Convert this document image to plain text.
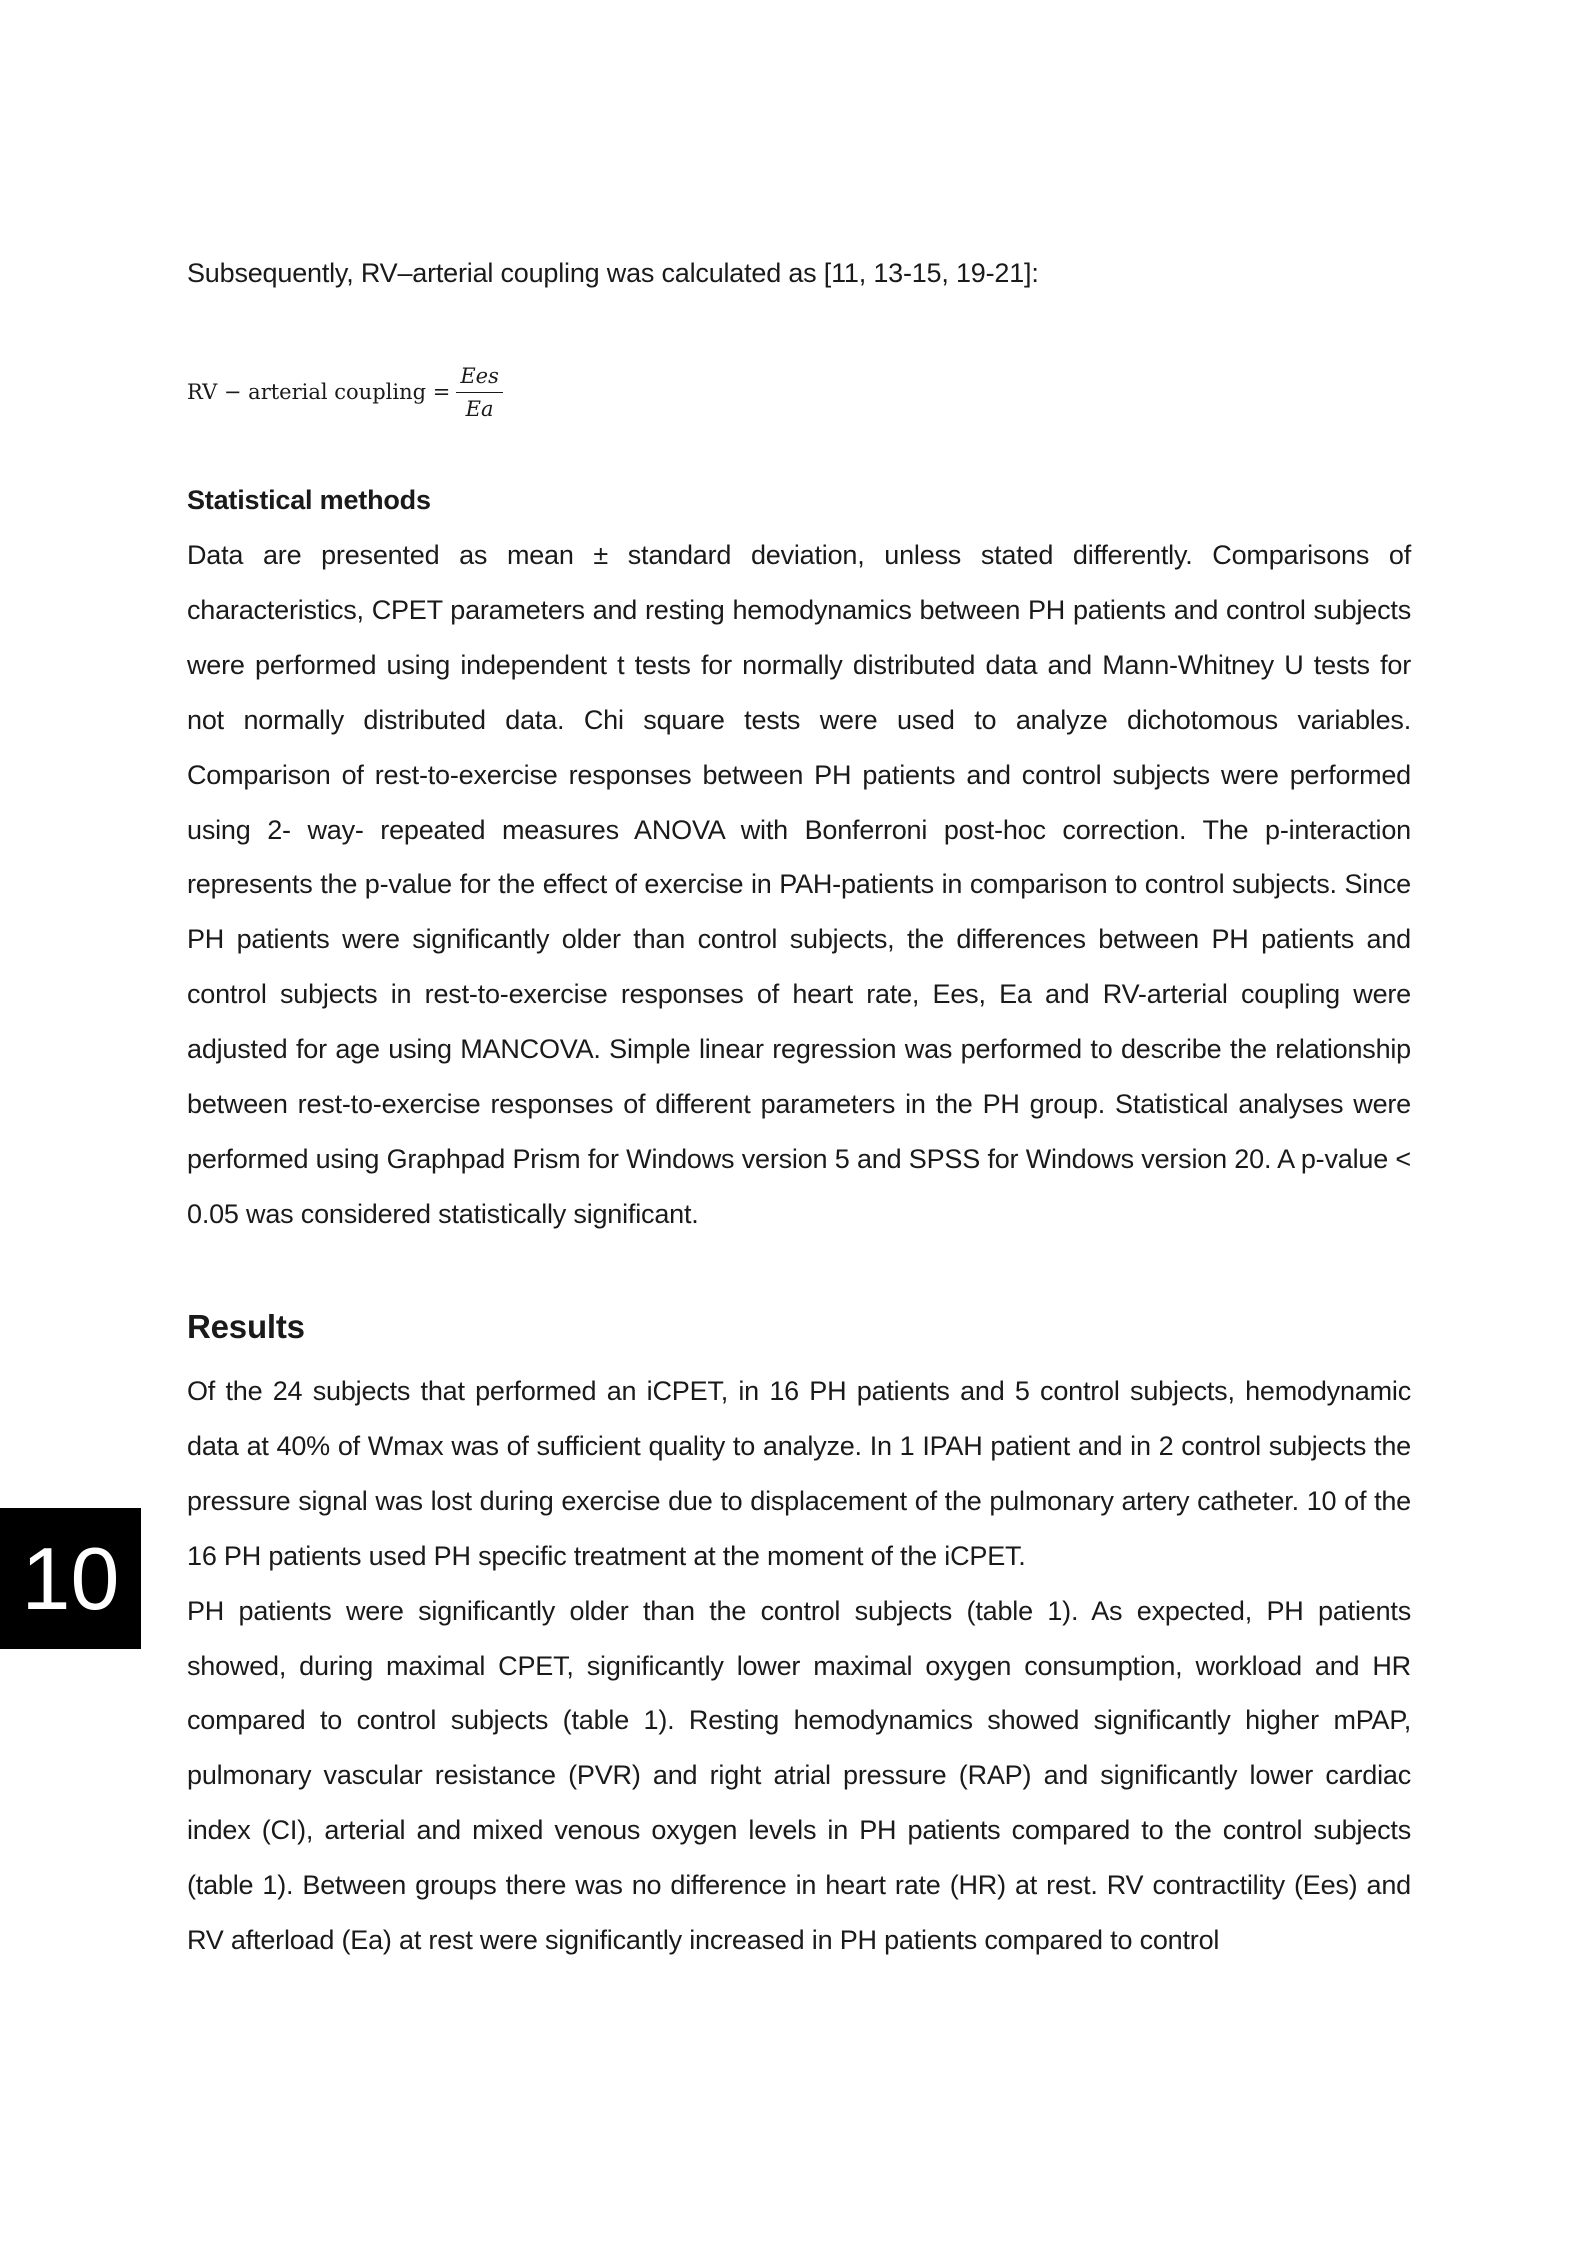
Subsequently, RV–arterial coupling was calculated as [11, 13-15, 19-21]:
RV − arterial coupling = $\frac{\text{Ees}}{Ea}$
Statistical methods
Data are presented as mean ± standard deviation, unless stated differently. Comparisons of characteristics, CPET parameters and resting hemodynamics between PH patients and control subjects were performed using independent t tests for normally distributed data and Mann-Whitney U tests for not normally distributed data. Chi square tests were used to analyze dichotomous variables. Comparison of rest-to-exercise responses between PH patients and control subjects were performed using 2- way- repeated measures ANOVA with Bonferroni post-hoc correction. The p-interaction represents the p-value for the effect of exercise in PAH-patients in comparison to control subjects. Since PH patients were significantly older than control subjects, the differences between PH patients and control subjects in rest-to-exercise responses of heart rate, Ees, Ea and RV-arterial coupling were adjusted for age using MANCOVA. Simple linear regression was performed to describe the relationship between rest-to-exercise responses of different parameters in the PH group. Statistical analyses were performed using Graphpad Prism for Windows version 5 and SPSS for Windows version 20. A p-value < 0.05 was considered statistically significant.
Results

Of the 24 subjects that performed an iCPET, in 16 PH patients and 5 control subjects, hemodynamic data at 40% of Wmax was of sufficient quality to analyze. In 1 IPAH patient and in 2 control subjects the pressure signal was lost during exercise due to displacement of the pulmonary artery catheter. 10 of the 16 PH patients used PH specific treatment at the moment of the iCPET.

PH patients were significantly older than the control subjects (table 1). As expected, PH patients showed, during maximal CPET, significantly lower maximal oxygen consumption, workload and HR compared to control subjects (table 1). Resting hemodynamics showed significantly higher mPAP, pulmonary vascular resistance (PVR) and right atrial pressure (RAP) and significantly lower cardiac index (CI), arterial and mixed venous oxygen levels in PH patients compared to the control subjects (table 1). Between groups there was no difference in heart rate (HR) at rest. RV contractility (Ees) and RV afterload (Ea) at rest were significantly increased in PH patients compared to control

10
